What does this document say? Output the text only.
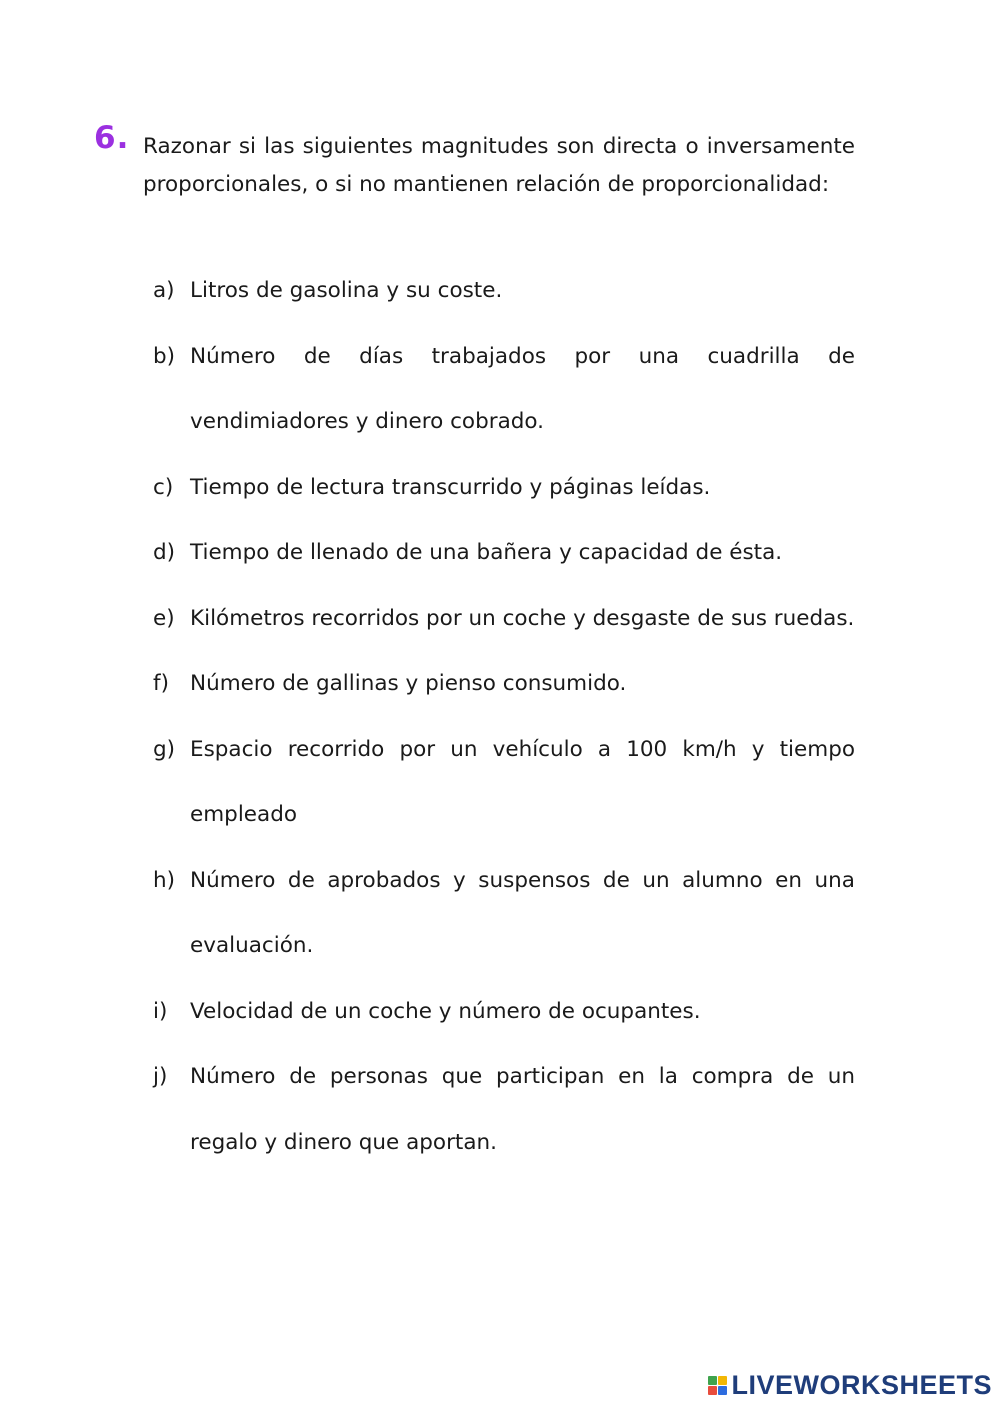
6. Razonar si las siguientes magnitudes son directa o inversamente
proporcionales, o si no mantienen relación de proporcionalidad:
a) Litros de gasolina y su coste.
b) Número de días trabajados por una cuadrilla de vendimiadores y dinero cobrado.
c) Tiempo de lectura transcurrido y páginas leídas.
d) Tiempo de llenado de una bañera y capacidad de ésta.
e) Kilómetros recorridos por un coche y desgaste de sus ruedas.
f) Número de gallinas y pienso consumido.
g) Espacio recorrido por un vehículo a 100 km/h y tiempo empleado
h) Número de aprobados y suspensos de un alumno en una evaluación.
i) Velocidad de un coche y número de ocupantes.
j) Número de personas que participan en la compra de un regalo y dinero que aportan.
LIVEWORKSHEETS
